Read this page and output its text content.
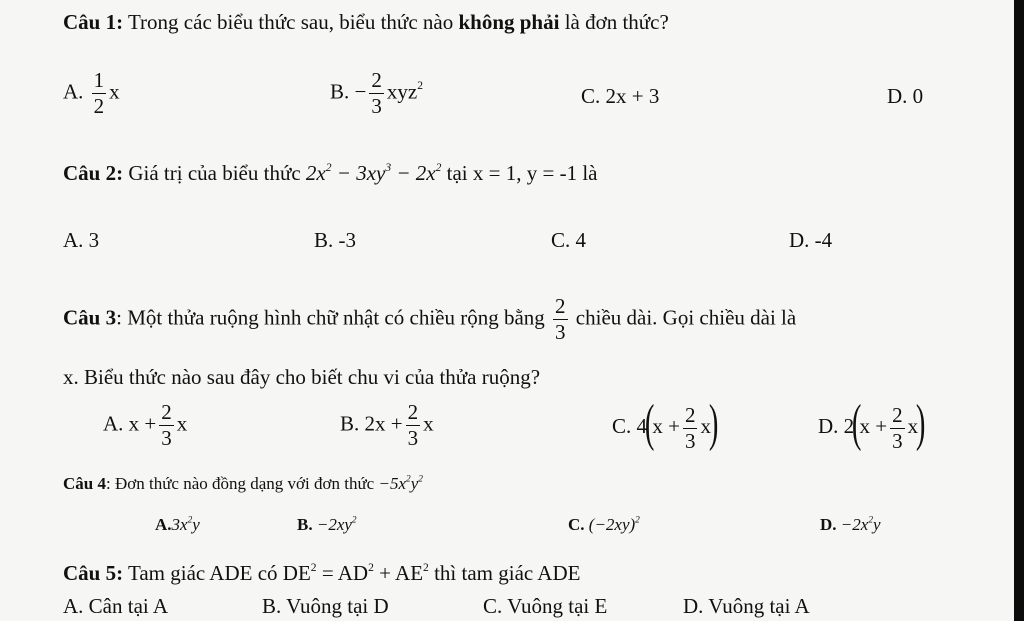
Câu 1: Trong các biểu thức sau, biểu thức nào không phải là đơn thức?
A. $\frac{1}{2}$ x	B. − $\frac{2}{3} xyz^2$	C. 2x + 3	D. 0
Câu 2: Giá trị của biểu thức $2x^2 - 3xy^3 - 2x^2$ tại x = 1, y = -1 là
A. 3	B. -3	C. 4	D. -4
Câu 3: Một thửa ruộng hình chữ nhật có chiều rộng bằng $\frac{2}{3}$ chiều dài. Gọi chiều dài là
x. Biểu thức nào sau đây cho biết chu vi của thửa ruộng?
A. $x + \frac{2}{3}$ x	B. $2x + \frac{2}{3}$ x	C. $4(x + \frac{2}{3} x)$	D. $2(x + \frac{2}{3} x)$
Câu 4: Đơn thức nào đồng dạng với đơn thức $-5x^2y^2$
$A.3x^2y$	B. $-2xy^2$	C. $(-2xy)^2$	D. $-2x^2y$
Câu 5: Tam giác ADE có $DE^2 = AD^2 + AE^2$ thì tam giác ADE
A. Cân tại A	B. Vuông tại D	C. Vuông tại E	D. Vuông tại A
